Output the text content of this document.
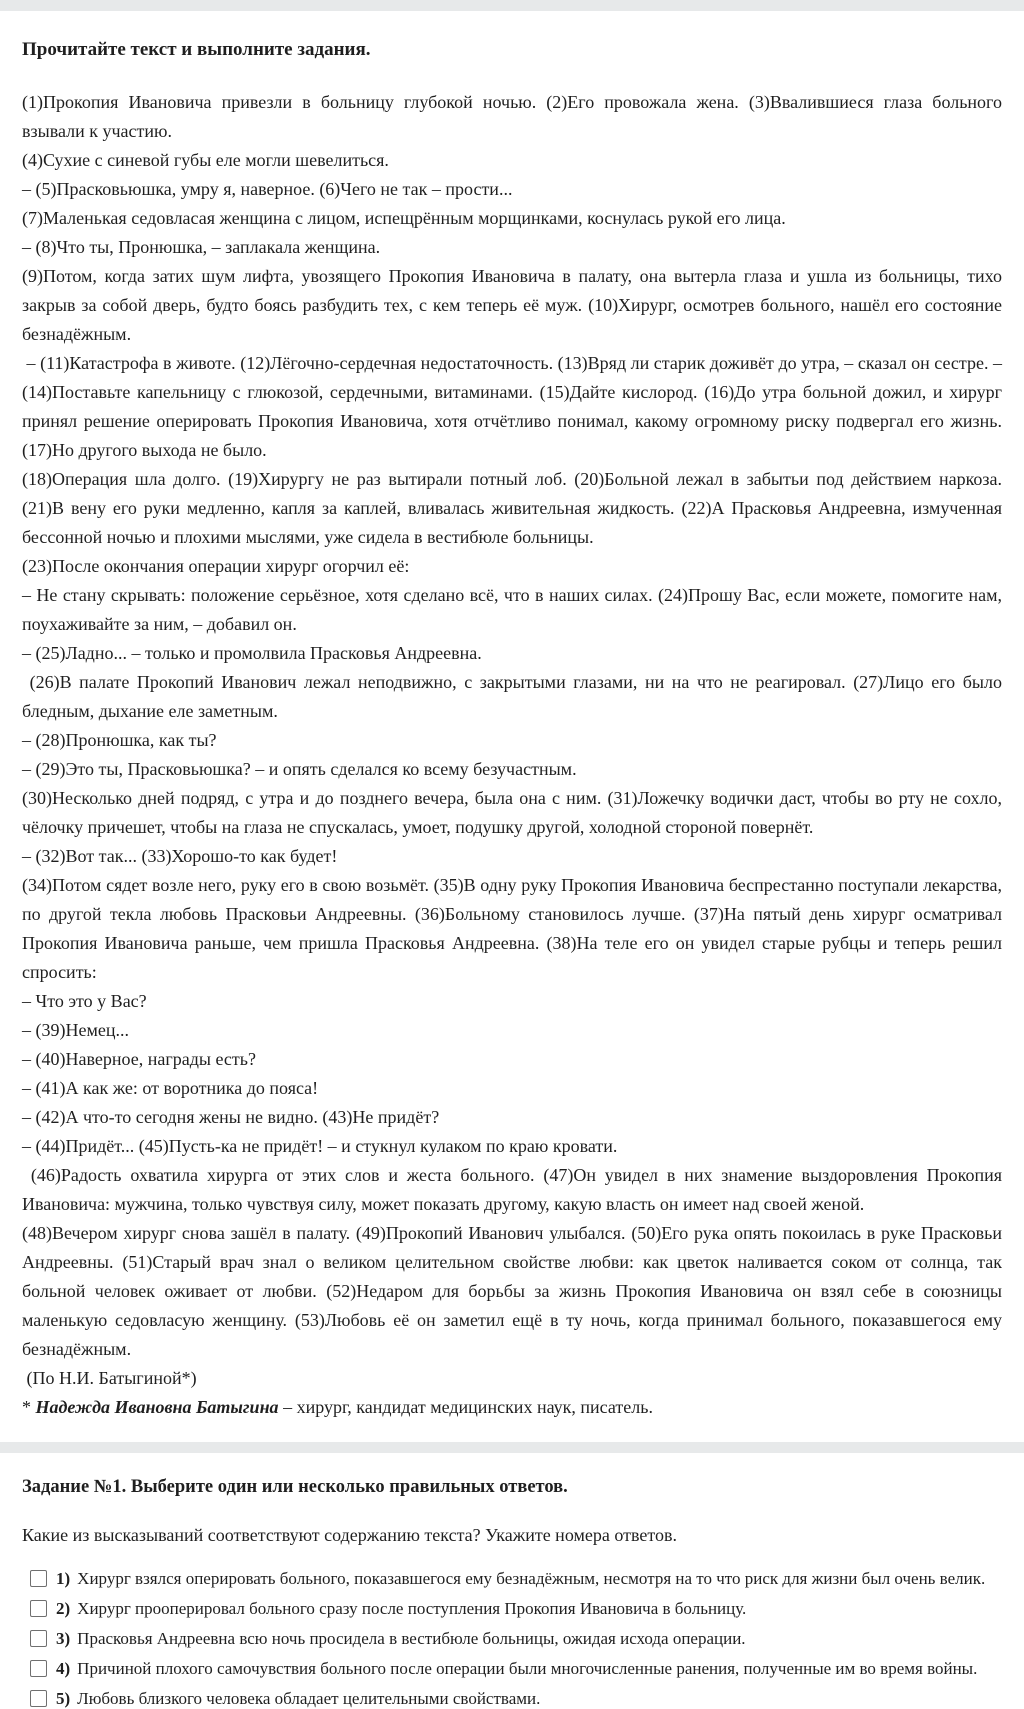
Прочитайте текст и выполните задания.

(1)Прокопия Ивановича привезли в больницу глубокой ночью. (2)Его провожала жена. (3)Ввалившиеся глаза больного взывали к участию.

(4)Сухие с синевой губы еле могли шевелиться.

– (5)Прасковьюшка, умру я, наверное. (6)Чего не так – прости...

(7)Маленькая седовласая женщина с лицом, испещрённым морщинками, коснулась рукой его лица.

– (8)Что ты, Пронюшка, – заплакала женщина.

(9)Потом, когда затих шум лифта, увозящего Прокопия Ивановича в палату, она вытерла глаза и ушла из больницы, тихо закрыв за собой дверь, будто боясь разбудить тех, с кем теперь её муж. (10)Хирург, осмотрев больного, нашёл его состояние безнадёжным.

– (11)Катастрофа в животе. (12)Лёгочно-сердечная недостаточность. (13)Вряд ли старик доживёт до утра, – сказал он сестре. – (14)Поставьте капельницу с глюкозой, сердечными, витаминами. (15)Дайте кислород. (16)До утра больной дожил, и хирург принял решение оперировать Прокопия Ивановича, хотя отчётливо понимал, какому огромному риску подвергал его жизнь. (17)Но другого выхода не было.

(18)Операция шла долго. (19)Хирургу не раз вытирали потный лоб. (20)Больной лежал в забытьи под действием наркоза. (21)В вену его руки медленно, капля за каплей, вливалась живительная жидкость. (22)А Прасковья Андреевна, измученная бессонной ночью и плохими мыслями, уже сидела в вестибюле больницы.

(23)После окончания операции хирург огорчил её:

– Не стану скрывать: положение серьёзное, хотя сделано всё, что в наших силах. (24)Прошу Вас, если можете, помогите нам, поухаживайте за ним, – добавил он.

– (25)Ладно... – только и промолвила Прасковья Андреевна.

(26)В палате Прокопий Иванович лежал неподвижно, с закрытыми глазами, ни на что не реагировал. (27)Лицо его было бледным, дыхание еле заметным.

– (28)Пронюшка, как ты?

– (29)Это ты, Прасковьюшка? – и опять сделался ко всему безучастным.

(30)Несколько дней подряд, с утра и до позднего вечера, была она с ним. (31)Ложечку водички даст, чтобы во рту не сохло, чёлочку причешет, чтобы на глаза не спускалась, умоет, подушку другой, холодной стороной повернёт.

– (32)Вот так... (33)Хорошо-то как будет!

(34)Потом сядет возле него, руку его в свою возьмёт. (35)В одну руку Прокопия Ивановича беспрестанно поступали лекарства, по другой текла любовь Прасковьи Андреевны. (36)Больному становилось лучше. (37)На пятый день хирург осматривал Прокопия Ивановича раньше, чем пришла Прасковья Андреевна. (38)На теле его он увидел старые рубцы и теперь решил спросить:

– Что это у Вас?

– (39)Немец...

– (40)Наверное, награды есть?

– (41)А как же: от воротника до пояса!

– (42)А что-то сегодня жены не видно. (43)Не придёт?

– (44)Придёт... (45)Пусть-ка не придёт! – и стукнул кулаком по краю кровати.

(46)Радость охватила хирурга от этих слов и жеста больного. (47)Он увидел в них знамение выздоровления Прокопия Ивановича: мужчина, только чувствуя силу, может показать другому, какую власть он имеет над своей женой.

(48)Вечером хирург снова зашёл в палату. (49)Прокопий Иванович улыбался. (50)Его рука опять покоилась в руке Прасковьи Андреевны. (51)Старый врач знал о великом целительном свойстве любви: как цветок наливается соком от солнца, так больной человек оживает от любви. (52)Недаром для борьбы за жизнь Прокопия Ивановича он взял себе в союзницы маленькую седовласую женщину. (53)Любовь её он заметил ещё в ту ночь, когда принимал больного, показавшегося ему безнадёжным.

(По Н.И. Батыгиной*)

* Надежда Ивановна Батыгина – хирург, кандидат медицинских наук, писатель.

Задание №1. Выберите один или несколько правильных ответов.

Какие из высказываний соответствуют содержанию текста? Укажите номера ответов.

1) Хирург взялся оперировать больного, показавшегося ему безнадёжным, несмотря на то что риск для жизни был очень велик.
2) Хирург прооперировал больного сразу после поступления Прокопия Ивановича в больницу.
3) Прасковья Андреевна всю ночь просидела в вестибюле больницы, ожидая исхода операции.
4) Причиной плохого самочувствия больного после операции были многочисленные ранения, полученные им во время войны.
5) Любовь близкого человека обладает целительными свойствами.
